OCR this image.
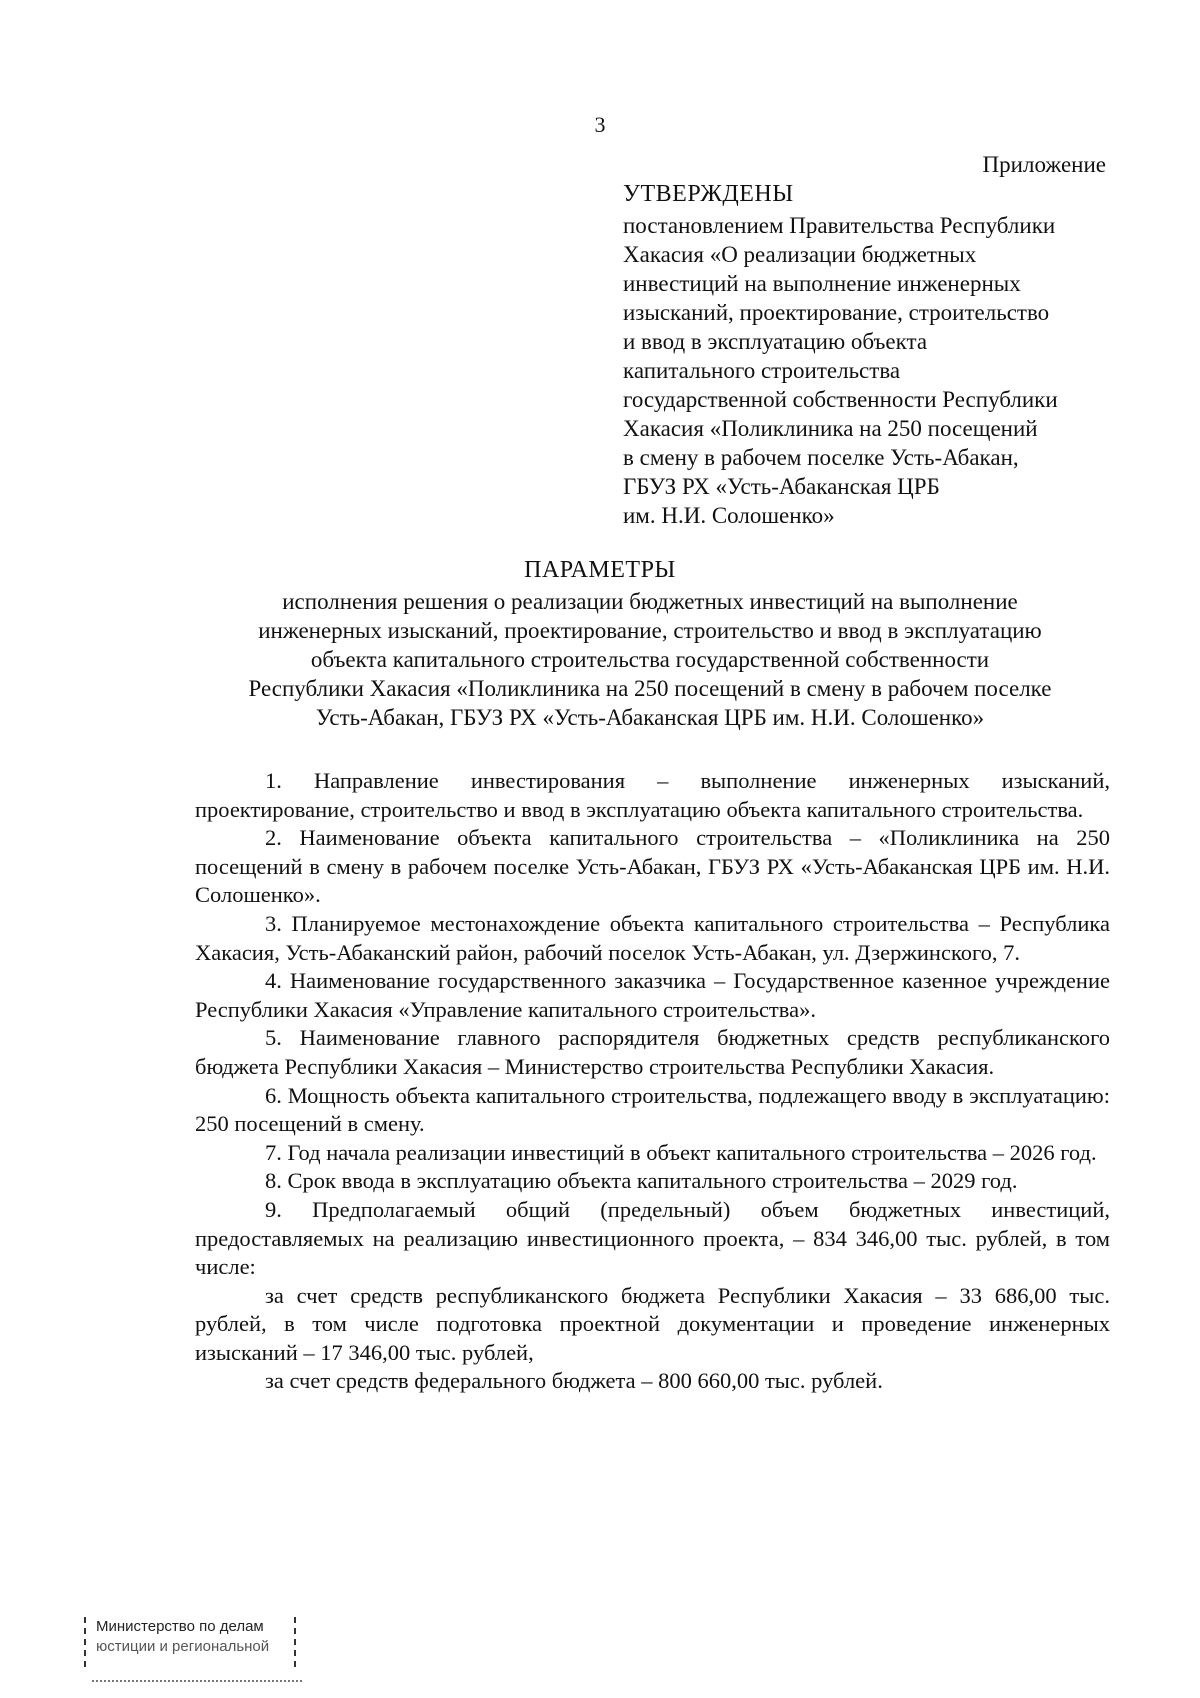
3
Приложение
УТВЕРЖДЕНЫ
постановлением Правительства Республики
Хакасия «О реализации бюджетных
инвестиций на выполнение инженерных
изысканий, проектирование, строительство
и ввод в эксплуатацию объекта
капитального строительства
государственной собственности Республики
Хакасия «Поликлиника на 250 посещений
в смену в рабочем поселке Усть-Абакан,
ГБУЗ РХ «Усть-Абаканская ЦРБ
им. Н.И. Солошенко»
ПАРАМЕТРЫ
исполнения решения о реализации бюджетных инвестиций на выполнение
инженерных изысканий, проектирование, строительство и ввод в эксплуатацию
объекта капитального строительства государственной собственности
Республики Хакасия «Поликлиника на 250 посещений в смену в рабочем поселке
Усть-Абакан, ГБУЗ РХ «Усть-Абаканская ЦРБ им. Н.И. Солошенко»

1. Направление инвестирования – выполнение инженерных изысканий, проектирование, строительство и ввод в эксплуатацию объекта капитального строительства.

2. Наименование объекта капитального строительства – «Поликлиника на 250 посещений в смену в рабочем поселке Усть-Абакан, ГБУЗ РХ «Усть-Абаканская ЦРБ им. Н.И. Солошенко».

3. Планируемое местонахождение объекта капитального строительства – Республика Хакасия, Усть-Абаканский район, рабочий поселок Усть-Абакан, ул. Дзержинского, 7.

4. Наименование государственного заказчика – Государственное казенное учреждение Республики Хакасия «Управление капитального строительства».

5. Наименование главного распорядителя бюджетных средств республиканского бюджета Республики Хакасия – Министерство строительства Республики Хакасия.

6. Мощность объекта капитального строительства, подлежащего вводу в эксплуатацию: 250 посещений в смену.

7. Год начала реализации инвестиций в объект капитального строительства – 2026 год.

8. Срок ввода в эксплуатацию объекта капитального строительства – 2029 год.

9. Предполагаемый общий (предельный) объем бюджетных инвестиций, предоставляемых на реализацию инвестиционного проекта, – 834 346,00 тыс. рублей, в том числе:

за счет средств республиканского бюджета Республики Хакасия – 33 686,00 тыс. рублей, в том числе подготовка проектной документации и проведение инженерных изысканий – 17 346,00 тыс. рублей,

за счет средств федерального бюджета – 800 660,00 тыс. рублей.

Министерство по делам
юстиции и региональной
